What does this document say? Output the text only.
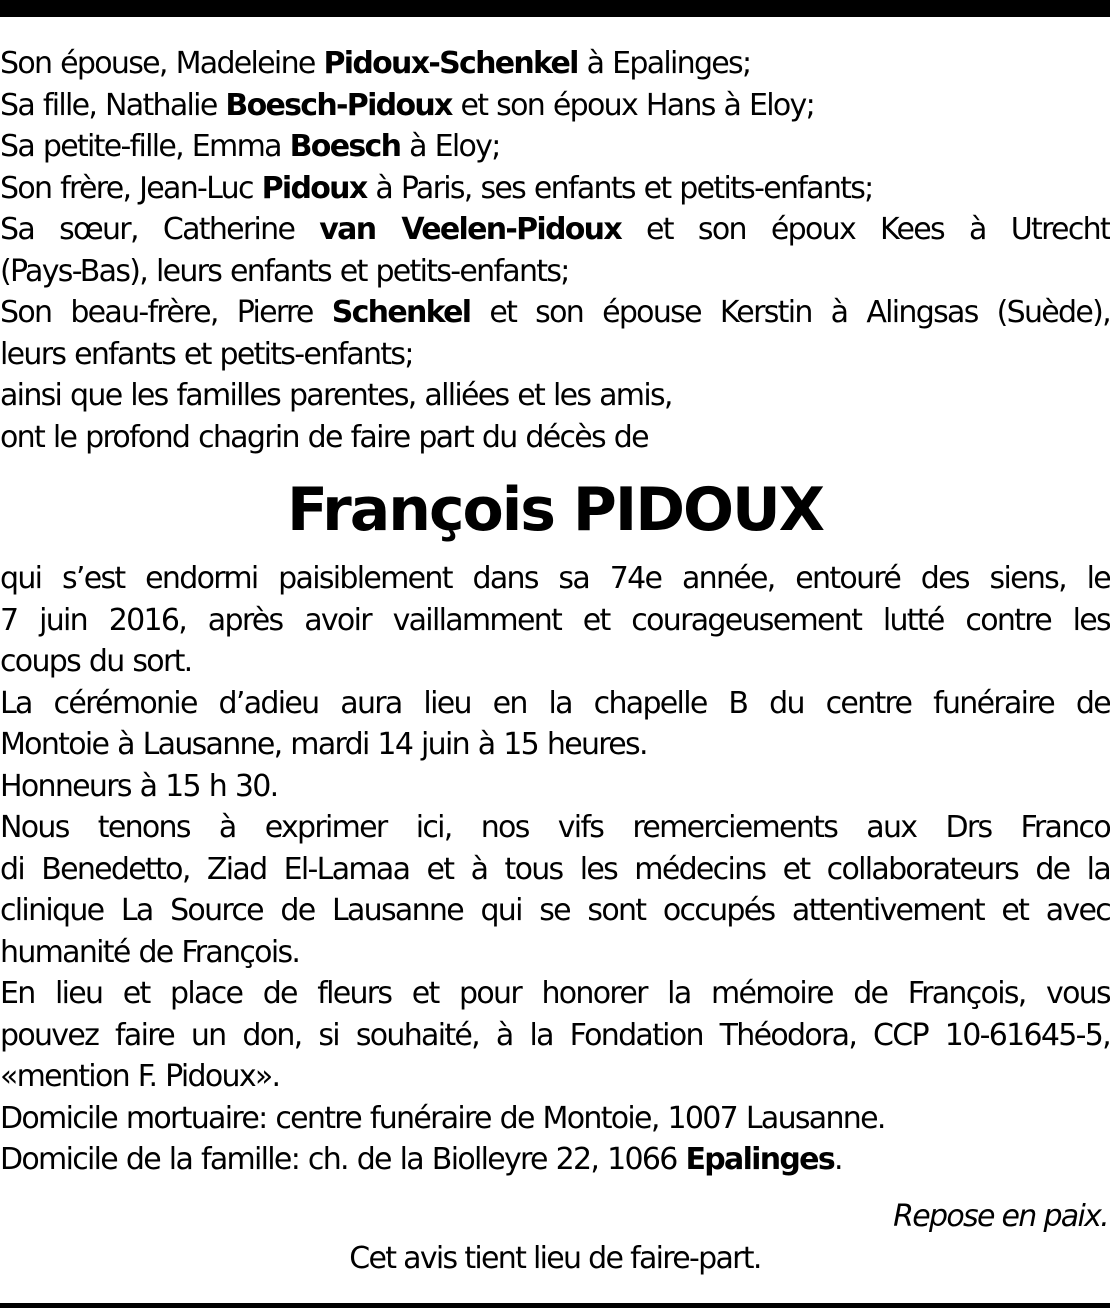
Son épouse, Madeleine Pidoux-Schenkel à Epalinges;
Sa fille, Nathalie Boesch-Pidoux et son époux Hans à Eloy;
Sa petite-fille, Emma Boesch à Eloy;
Son frère, Jean-Luc Pidoux à Paris, ses enfants et petits-enfants;
Sa sœur, Catherine van Veelen-Pidoux et son époux Kees à Utrecht
(Pays-Bas), leurs enfants et petits-enfants;
Son beau-frère, Pierre Schenkel et son épouse Kerstin à Alingsas (Suède),
leurs enfants et petits-enfants;
ainsi que les familles parentes, alliées et les amis,
ont le profond chagrin de faire part du décès de
François PIDOUX
qui s’est endormi paisiblement dans sa 74e année, entouré des siens, le
7 juin 2016, après avoir vaillamment et courageusement lutté contre les
coups du sort.
La cérémonie d’adieu aura lieu en la chapelle B du centre funéraire de
Montoie à Lausanne, mardi 14 juin à 15 heures.
Honneurs à 15 h 30.
Nous tenons à exprimer ici, nos vifs remerciements aux Drs Franco
di Benedetto, Ziad El-Lamaa et à tous les médecins et collaborateurs de la
clinique La Source de Lausanne qui se sont occupés attentivement et avec
humanité de François.
En lieu et place de fleurs et pour honorer la mémoire de François, vous
pouvez faire un don, si souhaité, à la Fondation Théodora, CCP 10-61645-5,
«mention F. Pidoux».
Domicile mortuaire: centre funéraire de Montoie, 1007 Lausanne.
Domicile de la famille: ch. de la Biolleyre 22, 1066 Epalinges.
Repose en paix.
Cet avis tient lieu de faire-part.
